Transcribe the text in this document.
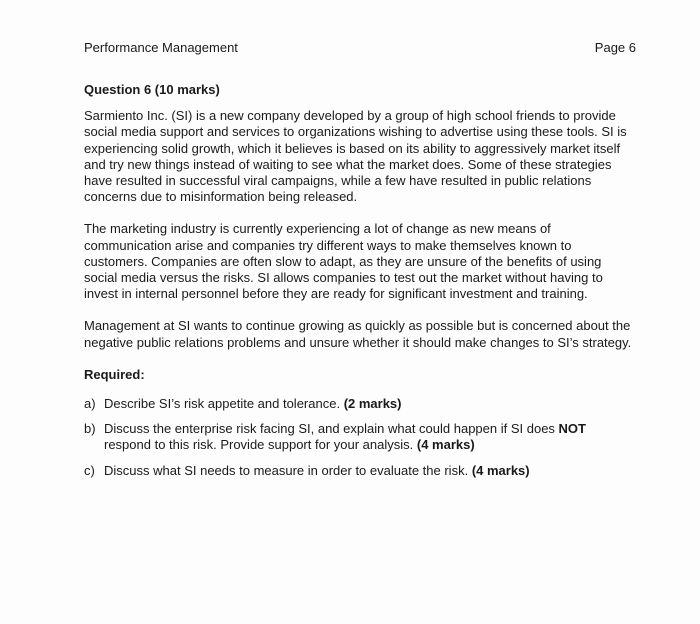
Performance Management	Page 6

Question 6 (10 marks)

Sarmiento Inc. (SI) is a new company developed by a group of high school friends to provide social media support and services to organizations wishing to advertise using these tools. SI is experiencing solid growth, which it believes is based on its ability to aggressively market itself and try new things instead of waiting to see what the market does. Some of these strategies have resulted in successful viral campaigns, while a few have resulted in public relations concerns due to misinformation being released.

The marketing industry is currently experiencing a lot of change as new means of communication arise and companies try different ways to make themselves known to customers. Companies are often slow to adapt, as they are unsure of the benefits of using social media versus the risks. SI allows companies to test out the market without having to invest in internal personnel before they are ready for significant investment and training.

Management at SI wants to continue growing as quickly as possible but is concerned about the negative public relations problems and unsure whether it should make changes to SI’s strategy.

Required:

a) Describe SI’s risk appetite and tolerance. (2 marks)
b) Discuss the enterprise risk facing SI, and explain what could happen if SI does NOT respond to this risk. Provide support for your analysis. (4 marks)
c) Discuss what SI needs to measure in order to evaluate the risk. (4 marks)
